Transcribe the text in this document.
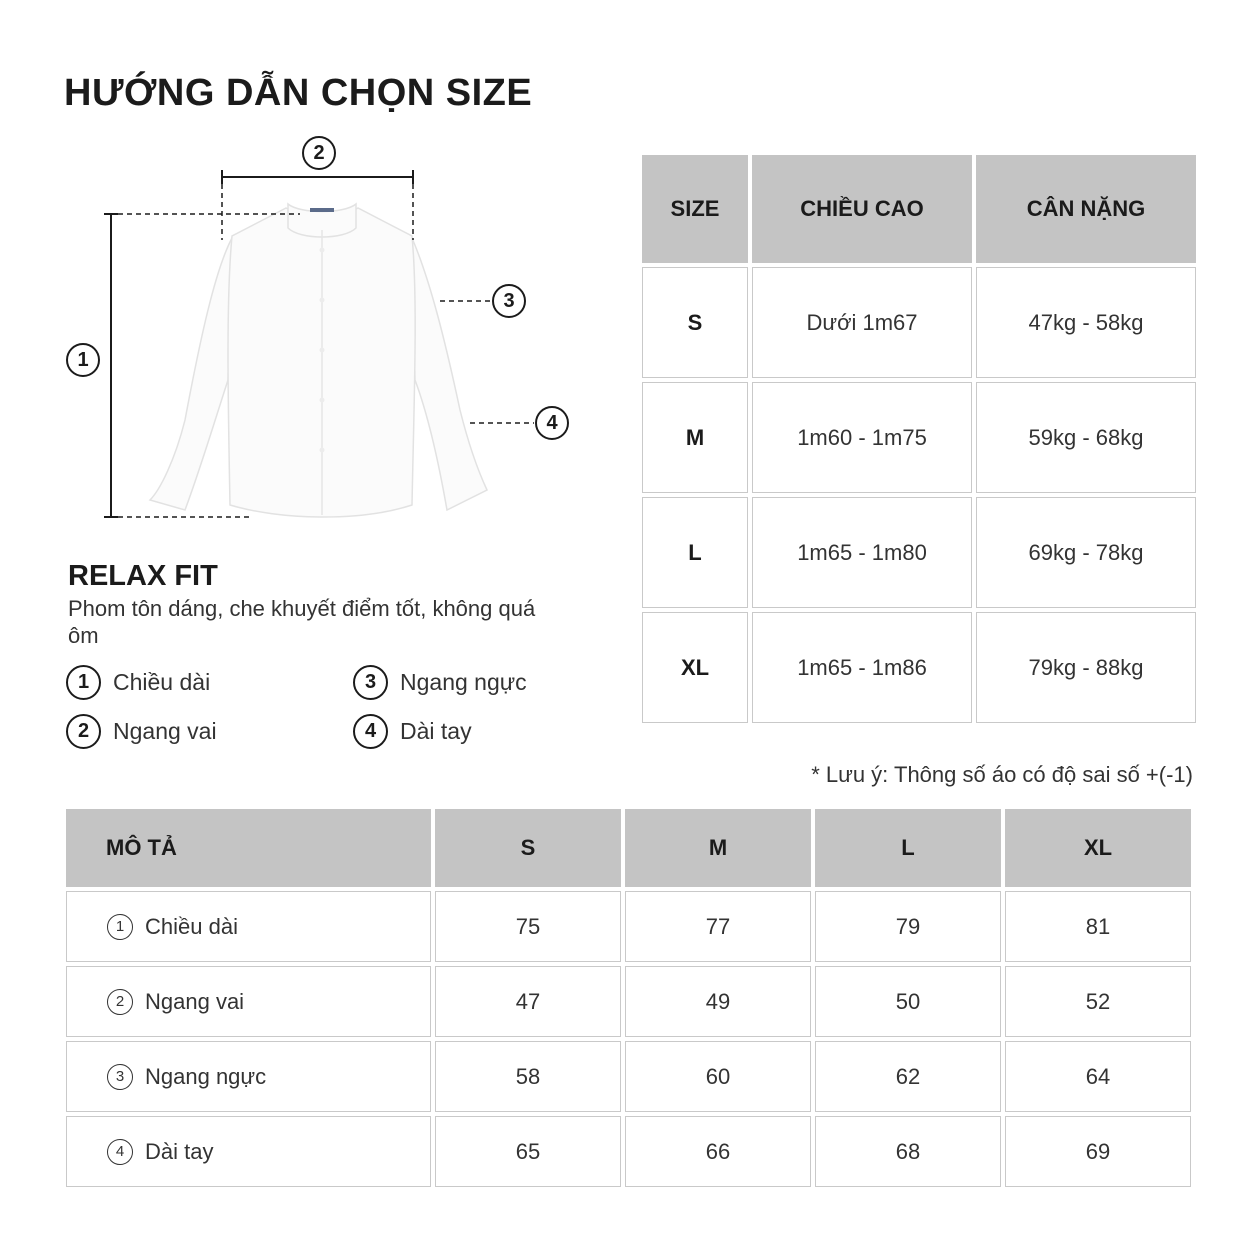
HƯỚNG DẪN CHỌN SIZE
2
1
3
4
RELAX FIT
Phom tôn dáng, che khuyết điểm tốt, không quá ôm
1	Chiều dài
2	Ngang vai
3	Ngang ngực
4	Dài tay
SIZE	CHIỀU CAO	CÂN NẶNG
S	Dưới 1m67	47kg - 58kg
M	1m60 - 1m75	59kg - 68kg
L	1m65 - 1m80	69kg - 78kg
XL	1m65 - 1m86	79kg - 88kg
* Lưu ý: Thông số áo có độ sai số +(-1)
MÔ TẢ	S	M	L	XL

1 Chiều dài	75	77	79	81

2 Ngang vai	47	49	50	52

3 Ngang ngực	58	60	62	64

4 Dài tay	65	66	68	69
